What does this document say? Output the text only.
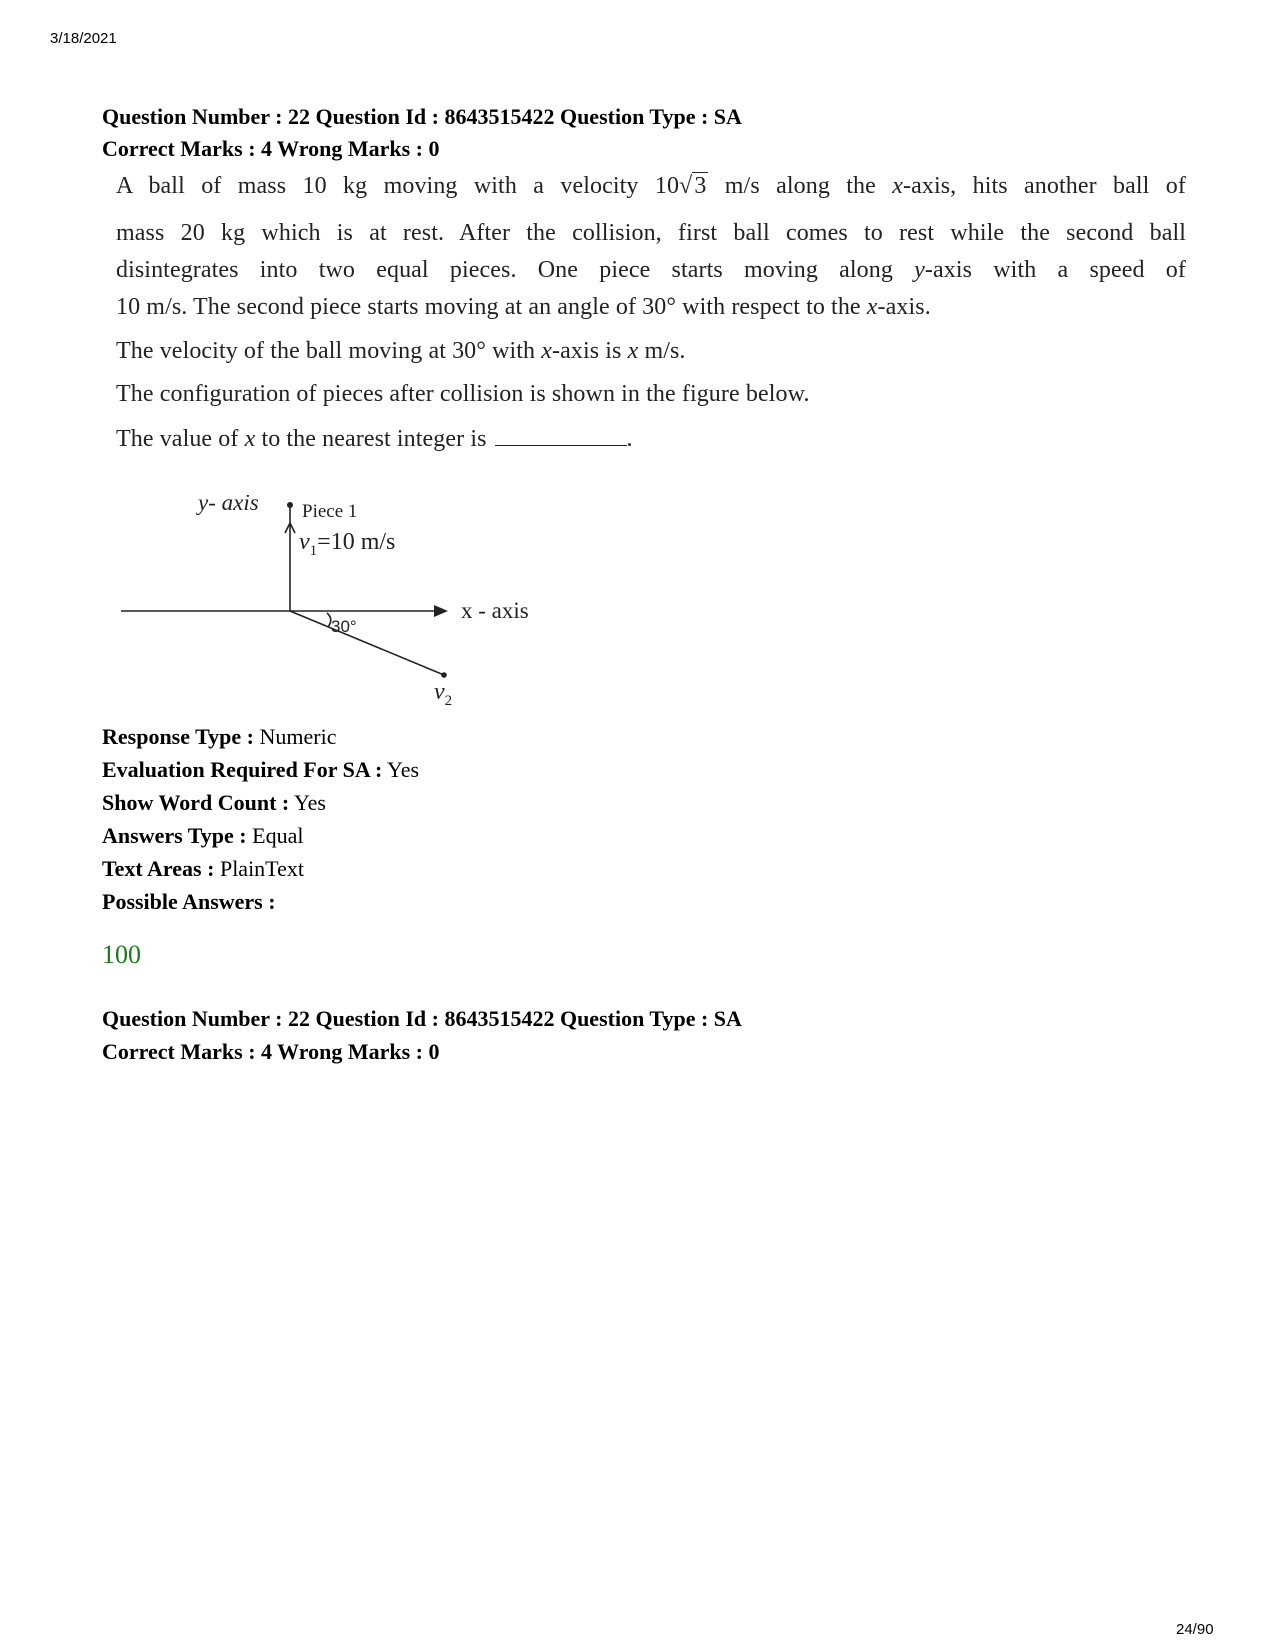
3/18/2021
Question Number : 22 Question Id : 8643515422 Question Type : SA
Correct Marks : 4 Wrong Marks : 0
A ball of mass 10 kg moving with a velocity 10√3 m/s along the x-axis, hits another ball of
mass 20 kg which is at rest. After the collision, first ball comes to rest while the second ball
disintegrates into two equal pieces. One piece starts moving along y-axis with a speed of
10 m/s. The second piece starts moving at an angle of 30° with respect to the x-axis.
The velocity of the ball moving at 30° with x-axis is x m/s.
The configuration of pieces after collision is shown in the figure below.
The value of x to the nearest integer is	.
y- axis Piece 1
$v_1=10$ m/s
x - axis
30°
$v_2$
Response Type : Numeric
Evaluation Required For SA : Yes
Show Word Count : Yes
Answers Type : Equal
Text Areas : PlainText
Possible Answers :
100
Question Number : 22 Question Id : 8643515422 Question Type : SA
Correct Marks : 4 Wrong Marks : 0
24/90
